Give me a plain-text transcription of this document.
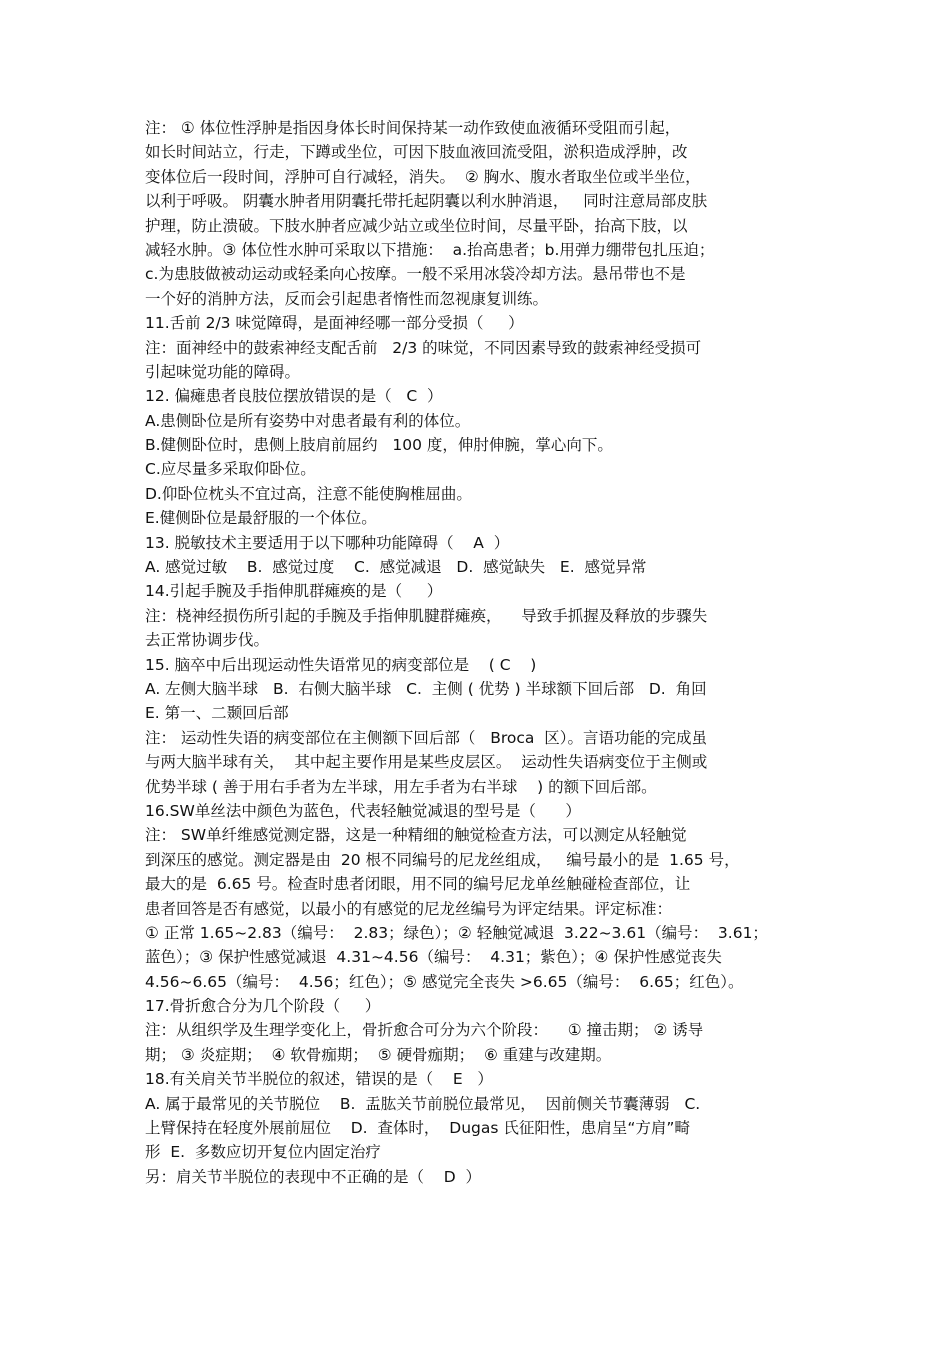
注： ① 体位性浮肿是指因身体长时间保持某一动作致使血液循环受阻而引起，
如长时间站立，行走，下蹲或坐位，可因下肢血液回流受阻，淤积造成浮肿，改
变体位后一段时间，浮肿可自行减轻，消失。  ② 胸水、腹水者取坐位或半坐位，
以利于呼吸。 阴囊水肿者用阴囊托带托起阴囊以利水肿消退，   同时注意局部皮肤
护理，防止溃破。下肢水肿者应减少站立或坐位时间，尽量平卧，抬高下肢，以
减轻水肿。③ 体位性水肿可采取以下措施：  a.抬高患者；b.用弹力绷带包扎压迫；
c.为患肢做被动运动或轻柔向心按摩。一般不采用冰袋冷却方法。悬吊带也不是
一个好的消肿方法，反而会引起患者惰性而忽视康复训练。
11.舌前 2/3 味觉障碍，是面神经哪一部分受损（     ）
注：面神经中的鼓索神经支配舌前   2/3 的味觉，不同因素导致的鼓索神经受损可
引起味觉功能的障碍。
12. 偏瘫患者良肢位摆放错误的是（   C  ）
A.患侧卧位是所有姿势中对患者最有利的体位。
B.健侧卧位时，患侧上肢肩前屈约   100 度，伸肘伸腕，掌心向下。
C.应尽量多采取仰卧位。
D.仰卧位枕头不宜过高，注意不能使胸椎屈曲。
E.健侧卧位是最舒服的一个体位。
13. 脱敏技术主要适用于以下哪种功能障碍（    A  ）
A. 感觉过敏    B.  感觉过度    C.  感觉减退   D.  感觉缺失   E.  感觉异常
14.引起手腕及手指伸肌群瘫痪的是（     ）
注：桡神经损伤所引起的手腕及手指伸肌腱群瘫痪，    导致手抓握及释放的步骤失
去正常协调步伐。
15. 脑卒中后出现运动性失语常见的病变部位是    ( C    )
A. 左侧大脑半球   B.  右侧大脑半球   C.  主侧 ( 优势 ) 半球额下回后部   D.  角回
E. 第一、二颞回后部
注： 运动性失语的病变部位在主侧额下回后部（   Broca  区）。言语功能的完成虽
与两大脑半球有关，  其中起主要作用是某些皮层区。  运动性失语病变位于主侧或
优势半球 ( 善于用右手者为左半球，用左手者为右半球    ) 的额下回后部。
16.SW单丝法中颜色为蓝色，代表轻触觉减退的型号是（      ）
注： SW单纤维感觉测定器，这是一种精细的触觉检查方法，可以测定从轻触觉
到深压的感觉。测定器是由  20 根不同编号的尼龙丝组成，   编号最小的是  1.65 号，
最大的是  6.65 号。检查时患者闭眼，用不同的编号尼龙单丝触碰检查部位，让
患者回答是否有感觉，以最小的有感觉的尼龙丝编号为评定结果。评定标准：
① 正常 1.65~2.83（编号：  2.83；绿色）；② 轻触觉减退  3.22~3.61（编号：  3.61；
蓝色）；③ 保护性感觉减退  4.31~4.56（编号：  4.31；紫色）；④ 保护性感觉丧失
4.56~6.65（编号：  4.56；红色）；⑤ 感觉完全丧失 >6.65（编号：  6.65；红色）。
17.骨折愈合分为几个阶段（     ）
注：从组织学及生理学变化上，骨折愈合可分为六个阶段：    ① 撞击期； ② 诱导
期； ③ 炎症期；  ④ 软骨痂期；  ⑤ 硬骨痂期；  ⑥ 重建与改建期。
18.有关肩关节半脱位的叙述，错误的是（    E   ）
A. 属于最常见的关节脱位    B.  盂肱关节前脱位最常见，  因前侧关节囊薄弱   C.
上臂保持在轻度外展前屈位    D.  查体时，  Dugas 氏征阳性，患肩呈“方肩”畸
形  E.  多数应切开复位内固定治疗
另：肩关节半脱位的表现中不正确的是（    D  ）
